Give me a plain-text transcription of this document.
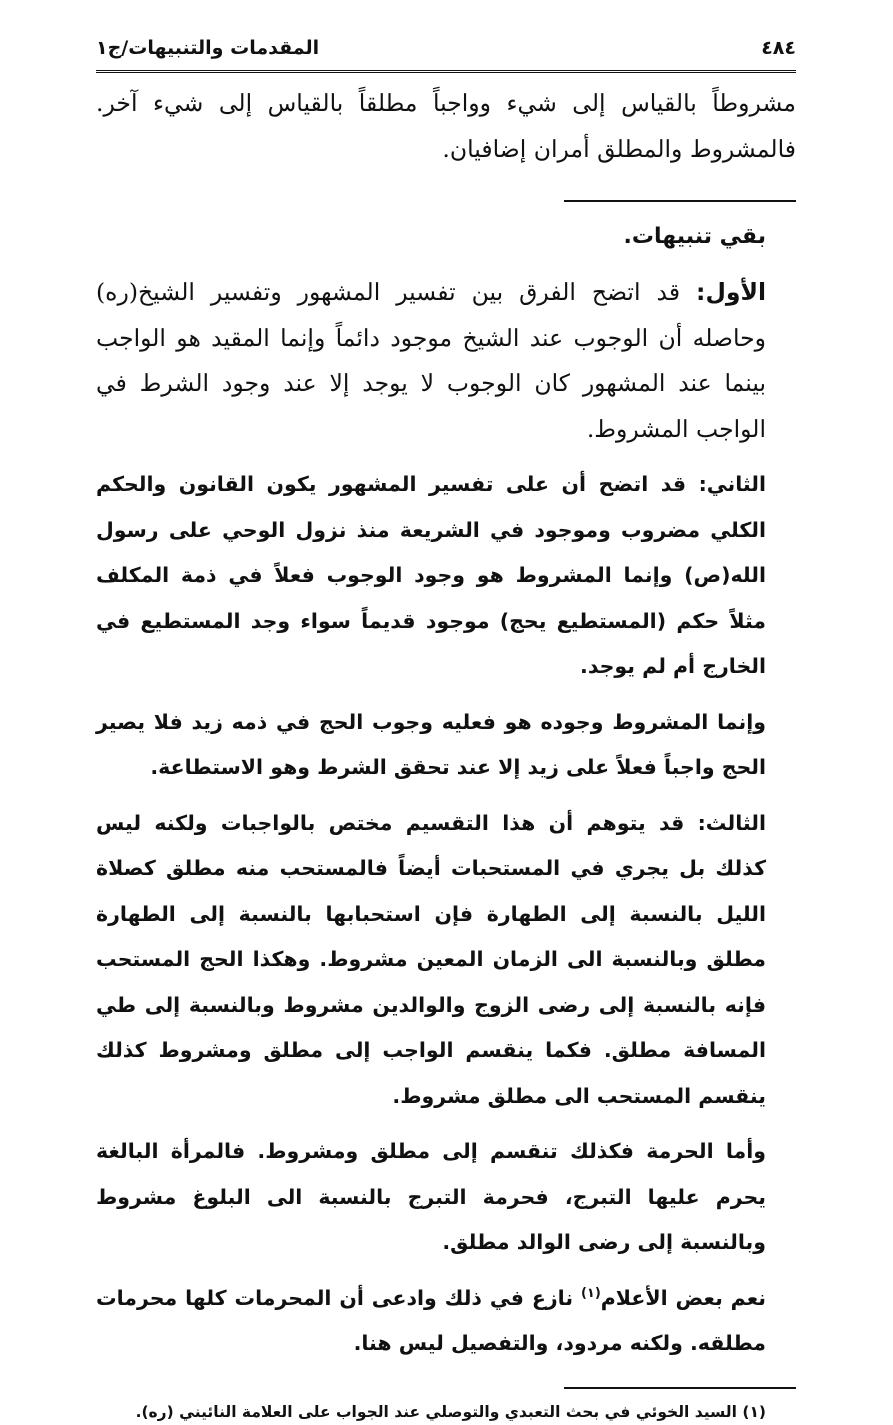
٤٨٤
المقدمات والتنبيهات/ج١

مشروطاً بالقياس إلى شيء وواجباً مطلقاً بالقياس إلى شيء آخر. فالمشروط والمطلق أمران إضافيان.

بقي تنبيهات.

الأول: قد اتضح الفرق بين تفسير المشهور وتفسير الشيخ(ره) وحاصله أن الوجوب عند الشيخ موجود دائماً وإنما المقيد هو الواجب بينما عند المشهور كان الوجوب لا يوجد إلا عند وجود الشرط في الواجب المشروط.

الثاني: قد اتضح أن على تفسير المشهور يكون القانون والحكم الكلي مضروب وموجود في الشريعة منذ نزول الوحي على رسول الله(ص) وإنما المشروط هو وجود الوجوب فعلاً في ذمة المكلف مثلاً حكم (المستطيع يحج) موجود قديماً سواء وجد المستطيع في الخارج أم لم يوجد.

وإنما المشروط وجوده هو فعليه وجوب الحج في ذمه زيد فلا يصير الحج واجباً فعلاً على زيد إلا عند تحقق الشرط وهو الاستطاعة.

الثالث: قد يتوهم أن هذا التقسيم مختص بالواجبات ولكنه ليس كذلك بل يجري في المستحبات أيضاً فالمستحب منه مطلق كصلاة الليل بالنسبة إلى الطهارة فإن استحبابها بالنسبة إلى الطهارة مطلق وبالنسبة الى الزمان المعين مشروط. وهكذا الحج المستحب فإنه بالنسبة إلى رضى الزوج والوالدين مشروط وبالنسبة إلى طي المسافة مطلق. فكما ينقسم الواجب إلى مطلق ومشروط كذلك ينقسم المستحب الى مطلق مشروط.

وأما الحرمة فكذلك تنقسم إلى مطلق ومشروط. فالمرأة البالغة يحرم عليها التبرج، فحرمة التبرج بالنسبة الى البلوغ مشروط وبالنسبة إلى رضى الوالد مطلق.

نعم بعض الأعلام$^{(١)}$ نازع في ذلك وادعى أن المحرمات كلها محرمات مطلقه. ولكنه مردود، والتفصيل ليس هنا.

(١) السيد الخوئي في بحث التعبدي والتوصلي عند الجواب على العلامة النائيني (ره).
